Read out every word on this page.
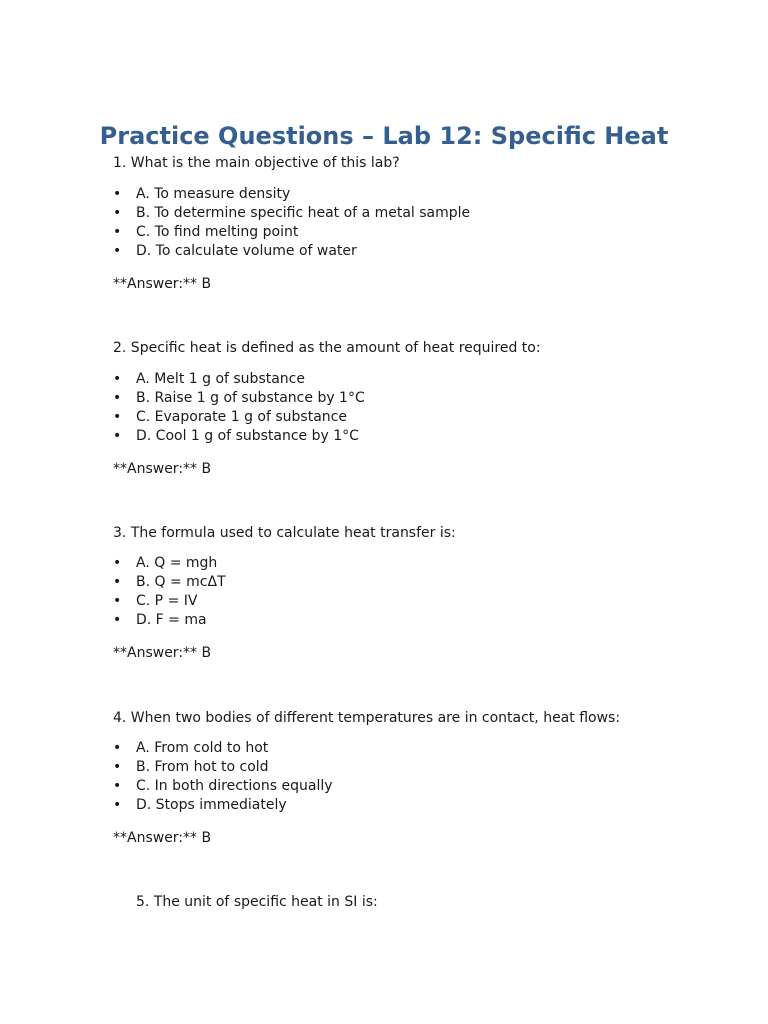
Practice Questions – Lab 12: Specific Heat

1. What is the main objective of this lab?

• A. To measure density
• B. To determine specific heat of a metal sample
• C. To find melting point
• D. To calculate volume of water

**Answer:** B

2. Specific heat is defined as the amount of heat required to:

• A. Melt 1 g of substance
• B. Raise 1 g of substance by 1°C
• C. Evaporate 1 g of substance
• D. Cool 1 g of substance by 1°C

**Answer:** B

3. The formula used to calculate heat transfer is:

• A. Q = mgh
• B. Q = mcΔT
• C. P = IV
• D. F = ma

**Answer:** B

4. When two bodies of different temperatures are in contact, heat flows:

• A. From cold to hot
• B. From hot to cold
• C. In both directions equally
• D. Stops immediately

**Answer:** B

5. The unit of specific heat in SI is:
